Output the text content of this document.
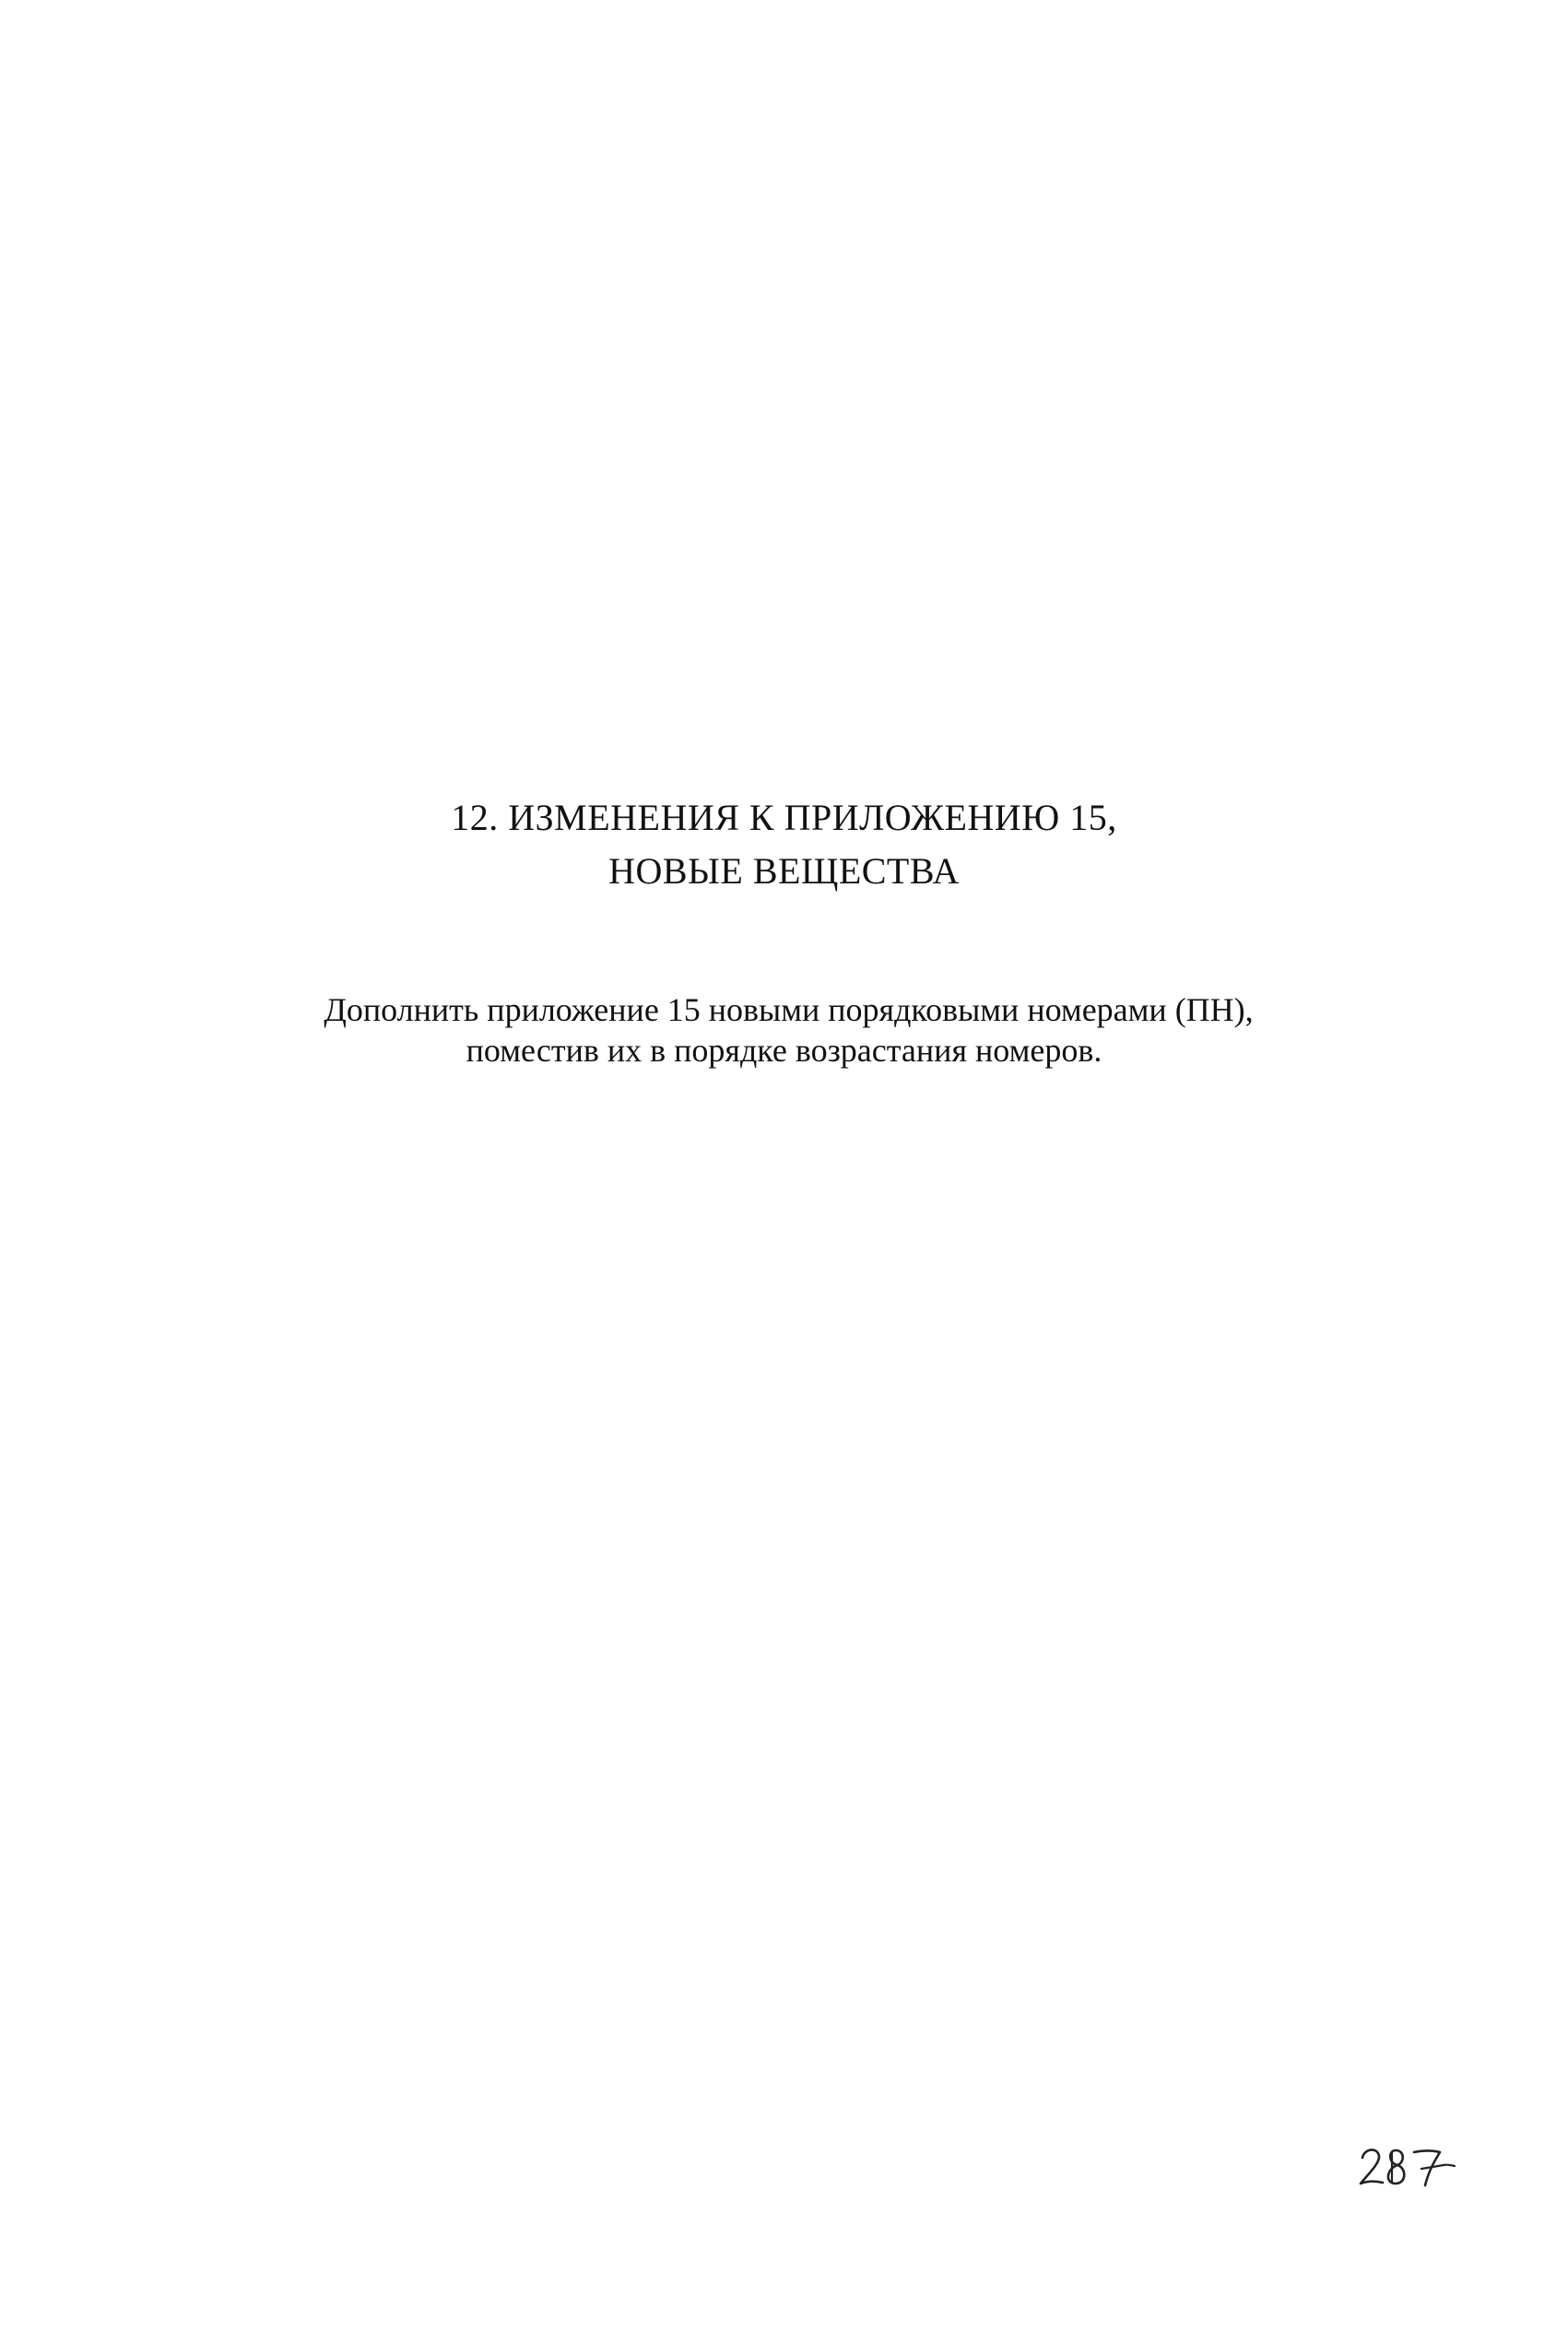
12. ИЗМЕНЕНИЯ К ПРИЛОЖЕНИЮ 15,
НОВЫЕ ВЕЩЕСТВА
Дополнить приложение 15 новыми порядковыми номерами (ПН),
поместив их в порядке возрастания номеров.
